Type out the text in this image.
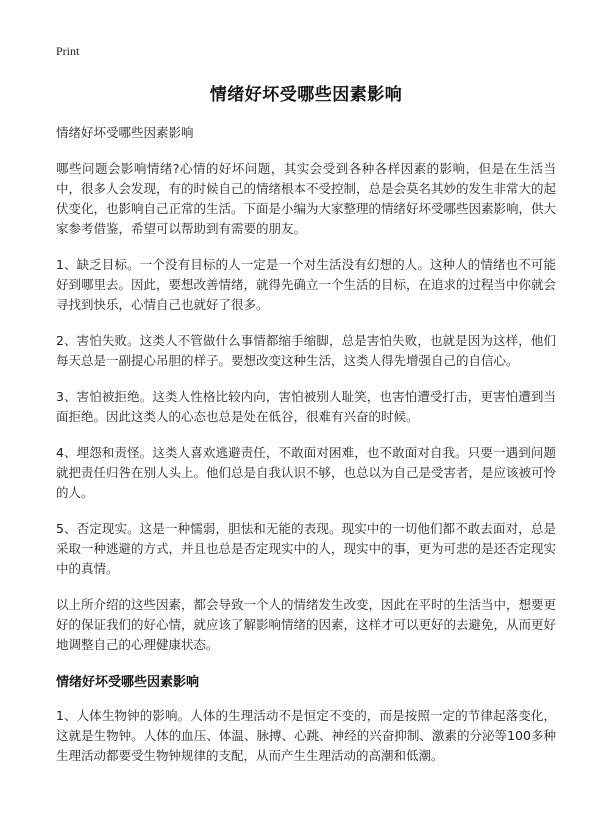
Print
情绪好坏受哪些因素影响
情绪好坏受哪些因素影响

哪些问题会影响情绪?心情的好坏问题，其实会受到各种各样因素的影响，但是在生活当中，很多人会发现，有的时候自己的情绪根本不受控制，总是会莫名其妙的发生非常大的起伏变化，也影响自己正常的生活。下面是小编为大家整理的情绪好坏受哪些因素影响，供大家参考借鉴，希望可以帮助到有需要的朋友。

1、缺乏目标。一个没有目标的人一定是一个对生活没有幻想的人。这种人的情绪也不可能好到哪里去。因此，要想改善情绪，就得先确立一个生活的目标，在追求的过程当中你就会寻找到快乐，心情自己也就好了很多。

2、害怕失败。这类人不管做什么事情都缩手缩脚，总是害怕失败，也就是因为这样，他们每天总是一副提心吊胆的样子。要想改变这种生活，这类人得先增强自己的自信心。

3、害怕被拒绝。这类人性格比较内向，害怕被别人耻笑，也害怕遭受打击，更害怕遭到当面拒绝。因此这类人的心态也总是处在低谷，很难有兴奋的时候。

4、埋怨和责怪。这类人喜欢逃避责任，不敢面对困难，也不敢面对自我。只要一遇到问题就把责任归咎在别人头上。他们总是自我认识不够，也总以为自己是受害者，是应该被可怜的人。

5、否定现实。这是一种懦弱，胆怯和无能的表现。现实中的一切他们都不敢去面对，总是采取一种逃避的方式，并且也总是否定现实中的人，现实中的事，更为可悲的是还否定现实中的真情。

以上所介绍的这些因素，都会导致一个人的情绪发生改变，因此在平时的生活当中，想要更好的保证我们的好心情，就应该了解影响情绪的因素，这样才可以更好的去避免，从而更好地调整自己的心理健康状态。

情绪好坏受哪些因素影响

1、人体生物钟的影响。人体的生理活动不是恒定不变的，而是按照一定的节律起落变化，这就是生物钟。人体的血压、体温、脉搏、心跳、神经的兴奋抑制、激素的分泌等100多种生理活动都要受生物钟规律的支配，从而产生生理活动的高潮和低潮。
